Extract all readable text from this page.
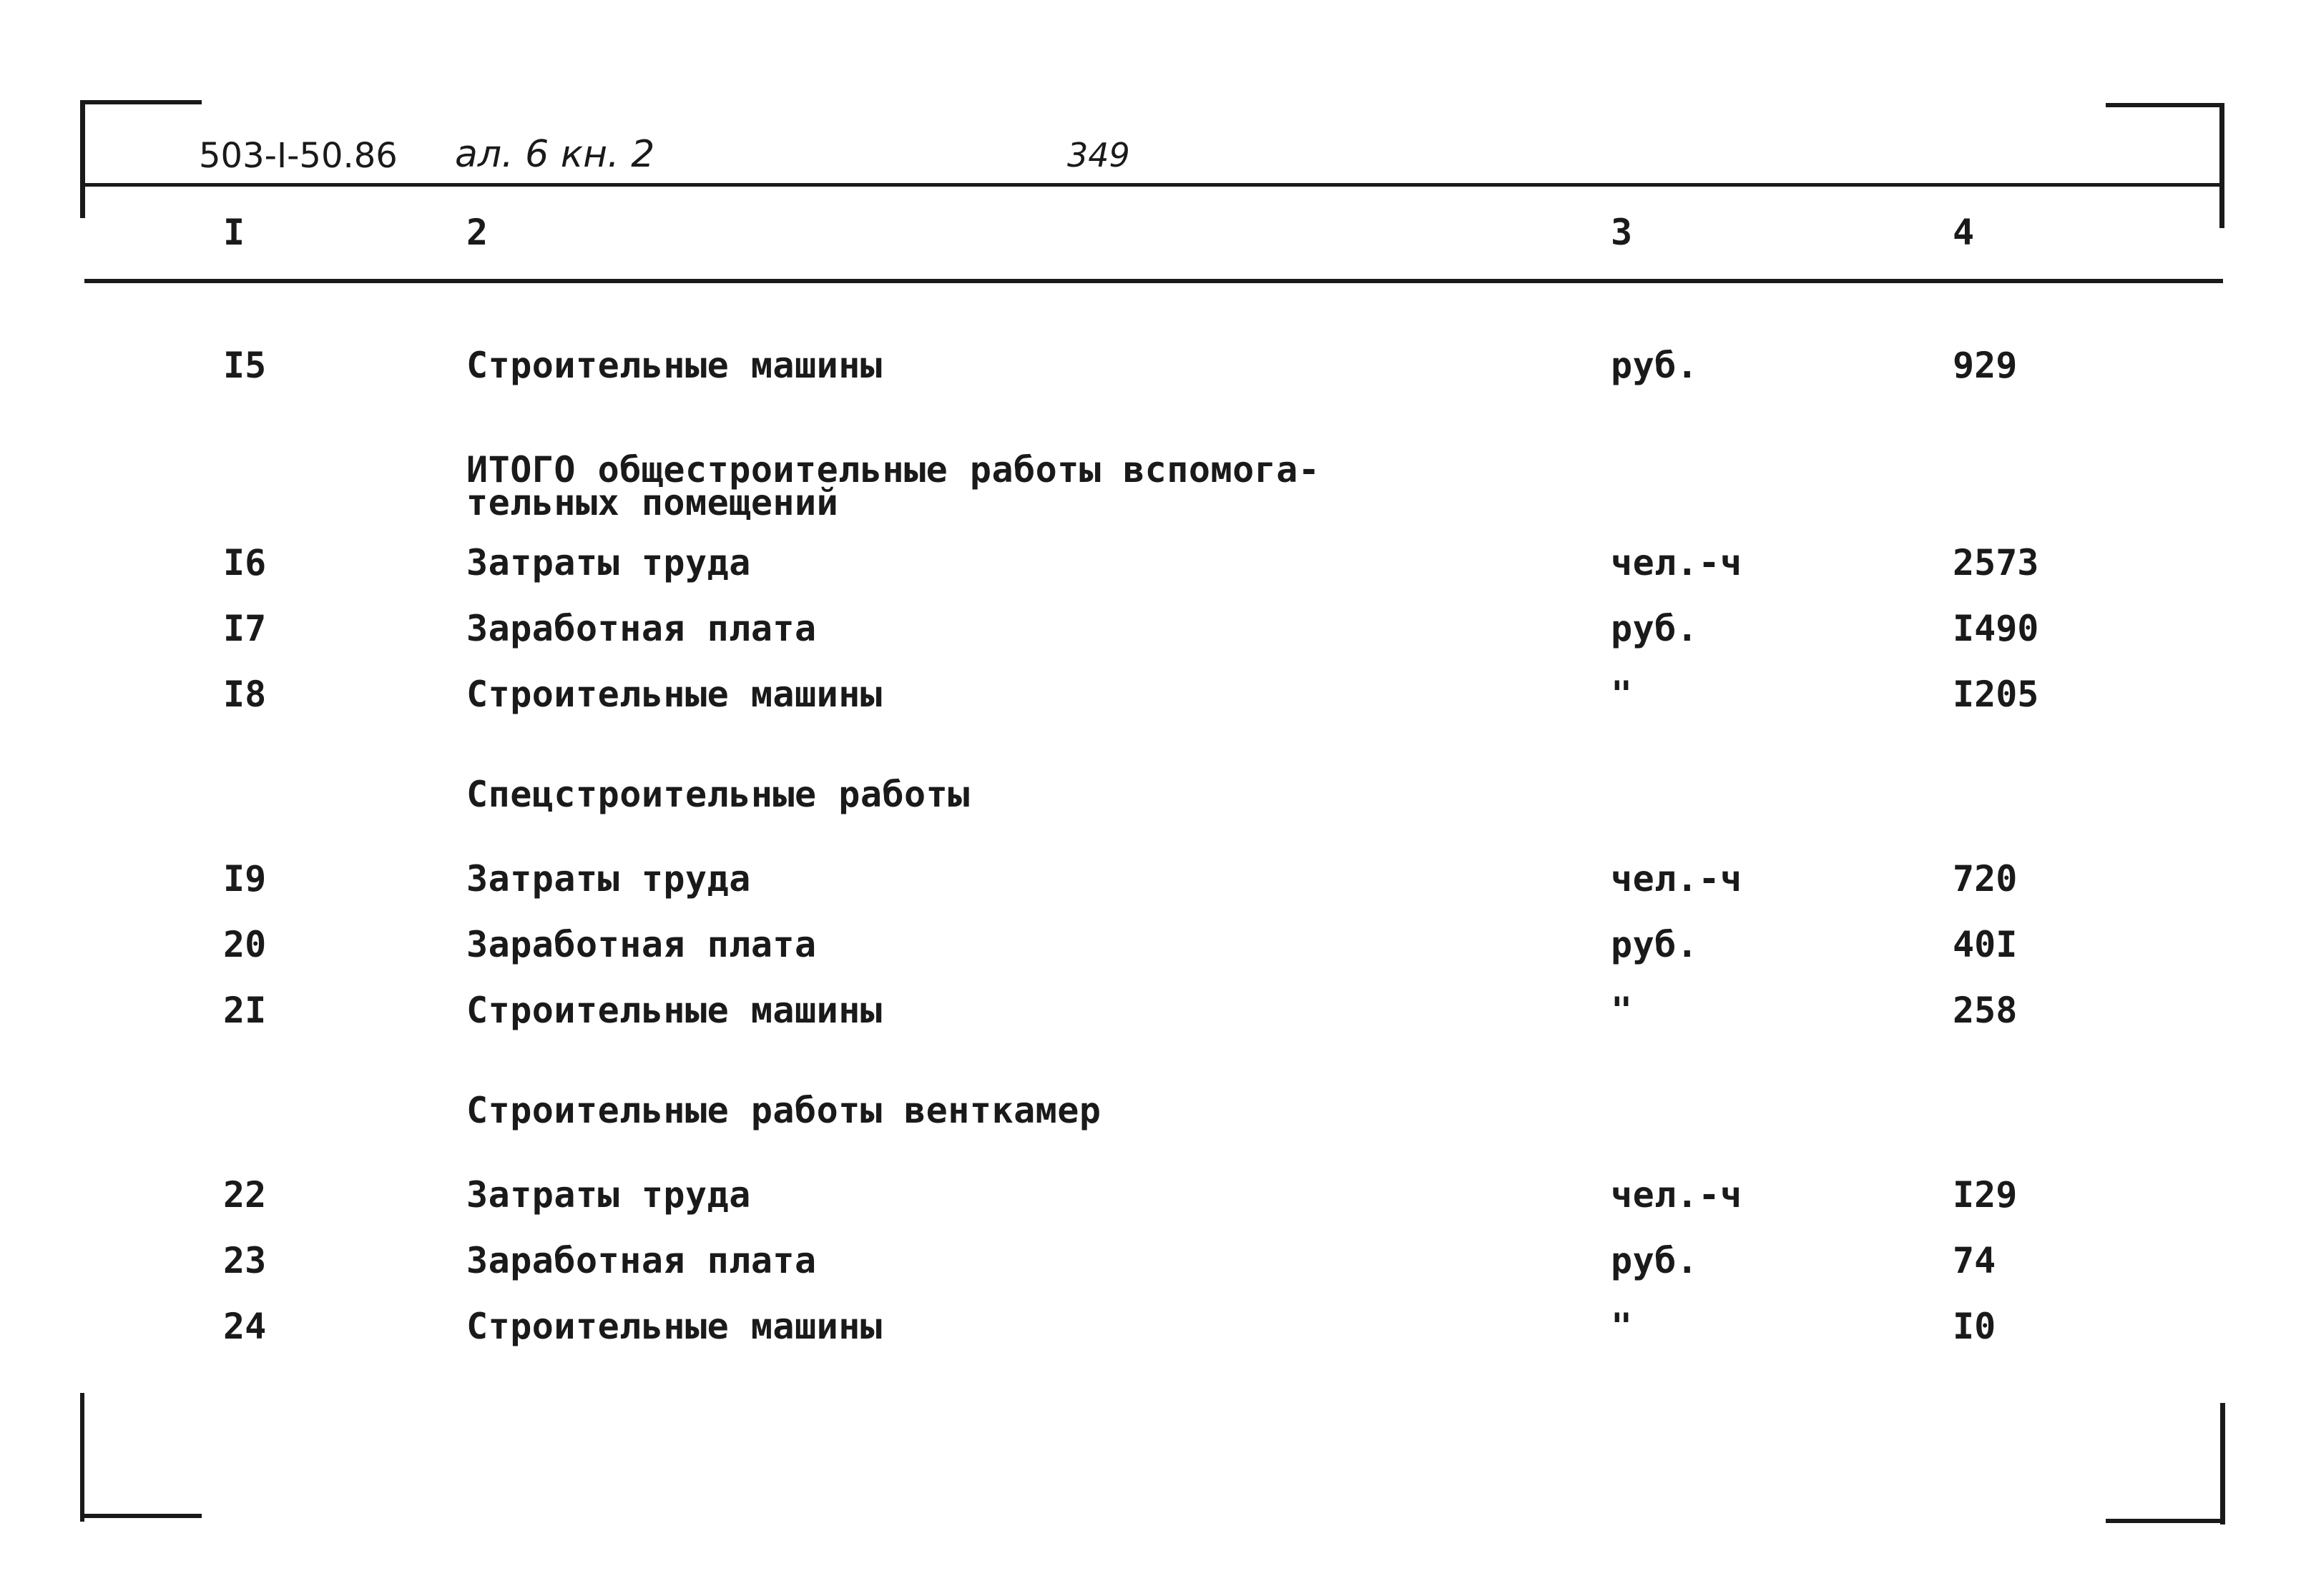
503-I-50.86 ал. 6 кн. 2	349
I	2	3	4
I5	Строительные машины	руб.	929
ИТОГО общестроительные работы вспомога-
тельных помещений
I6	Затраты труда	чел.-ч	2573
I7	Заработная плата	руб.	I490
I8	Строительные машины	"	I205
Спецстроительные работы
I9	Затраты труда	чел.-ч	720
20	Заработная плата	руб.	40I
2I	Строительные машины	"	258
Строительные работы венткамер
22	Затраты труда	чел.-ч	I29
23	Заработная плата	руб.	74
24	Строительные машины	"	I0
